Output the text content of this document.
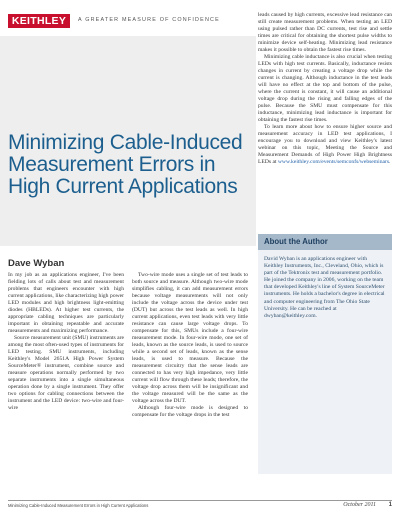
KEITHLEY	A GREATER MEASURE OF CONFIDENCE
Minimizing Cable-Induced
Measurement Errors in
High Current Applications
Dave Wyban

In my job as an applications engineer, I've been fielding lots of calls about test and measurement problems that engineers encounter with high current applications, like characterizing high power LED modules and high brightness light-emitting diodes (HBLEDs). At higher test currents, the appropriate cabling techniques are particularly important in obtaining repeatable and accurate measurements and maximizing performance.

Source measurement unit (SMU) instruments are among the most often-used types of instruments for LED testing. SMU instruments, including Keithley's Model 2651A High Power System SourceMeter® instrument, combine source and measure operations normally performed by two separate instruments into a single simultaneous operation done by a single instrument. They offer two options for cabling connections between the instrument and the LED device: two-wire and four-wire

Two-wire mode uses a single set of test leads to both source and measure. Although two-wire mode simplifies cabling, it can add measurement errors because voltage measurements will not only include the voltage across the device under test (DUT) but across the test leads as well. In high current applications, even test leads with very little resistance can cause large voltage drops. To compensate for this, SMUs include a four-wire measurement mode. In four-wire mode, one set of leads, known as the source leads, is used to source while a second set of leads, known as the sense leads, is used to measure. Because the measurement circuitry that the sense leads are connected to has very high impedance, very little current will flow through these leads; therefore, the voltage drop across them will be insignificant and the voltage measured will be the same as the voltage across the DUT.

Although four-wire mode is designed to compensate for the voltage drops in the test

leads caused by high currents, excessive lead resistance can still create measurement problems. When testing an LED using pulsed rather than DC currents, test rise and settle times are critical for obtaining the shortest pulse widths to minimize device self-heating. Minimizing lead resistance makes it possible to obtain the fastest rise times.

Minimizing cable inductance is also crucial when testing LEDs with high test currents. Basically, inductance resists changes in current by creating a voltage drop while the current is changing. Although inductance in the test leads will have no effect at the top and bottom of the pulse, where the current is constant, it will cause an additional voltage drop during the rising and falling edges of the pulse. Because the SMU must compensate for this inductance, minimizing lead inductance is important for obtaining the fastest rise times.

To learn more about how to ensure higher source and measurement accuracy in LED test applications, I encourage you to download and view Keithley's latest webinar on this topic, Meeting the Source and Measurement Demands of High Power High Brightness LEDs at www.keithley.com/events/semconfs/webseminars.

About the Author

David Wyban is an applications engineer with Keithley Instruments, Inc., Cleveland, Ohio, which is part of the Tektronix test and measurement portfolio. He joined the company in 2006, working on the team that developed Keithley's line of System SourceMeter instruments. He holds a bachelor's degree in electrical and computer engineering from The Ohio State University. He can be reached at dwyban@keithley.com.

Minimizing Cable-Induced Measurement Errors in High Current Applications	October 2011 1
